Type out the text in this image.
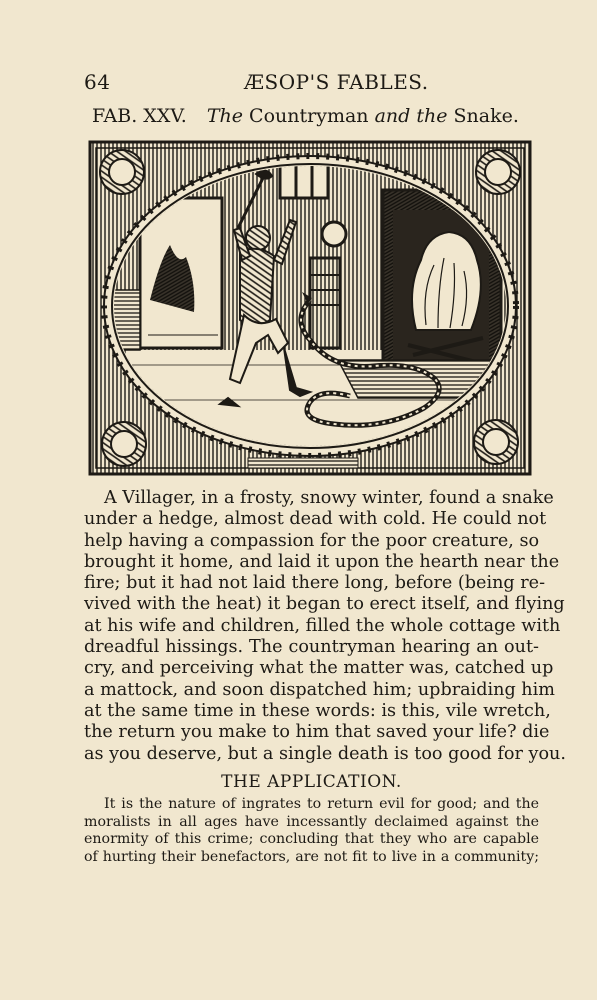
64	ÆSOP'S FABLES.
FAB. XXV. The Countryman and the Snake.
A Villager, in a frosty, snowy winter, found a snake
under a hedge, almost dead with cold. He could not
help having a compassion for the poor creature, so
brought it home, and laid it upon the hearth near the
fire; but it had not laid there long, before (being re-
vived with the heat) it began to erect itself, and flying
at his wife and children, filled the whole cottage with
dreadful hissings. The countryman hearing an out-
cry, and perceiving what the matter was, catched up
a mattock, and soon dispatched him; upbraiding him
at the same time in these words: is this, vile wretch,
the return you make to him that saved your life? die
as you deserve, but a single death is too good for you.
THE APPLICATION.
It is the nature of ingrates to return evil for good; and the
moralists in all ages have incessantly declaimed against the
enormity of this crime; concluding that they who are capable
of hurting their benefactors, are not fit to live in a community;
